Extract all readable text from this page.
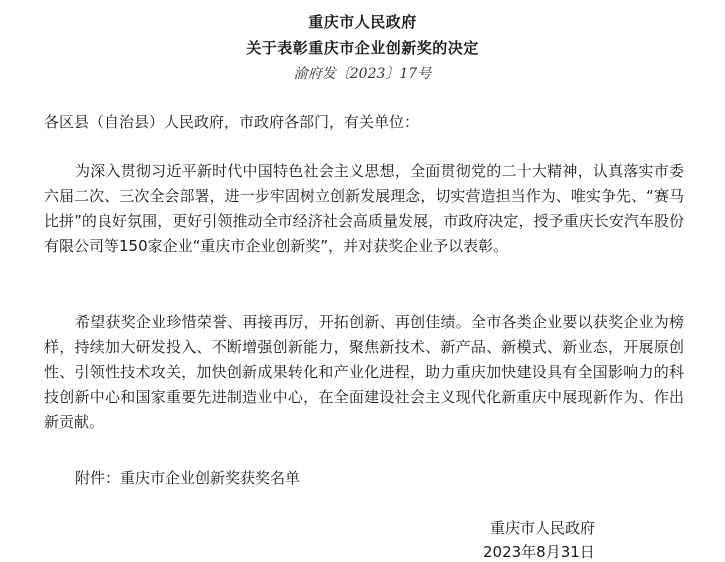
重庆市人民政府
关于表彰重庆市企业创新奖的决定
渝府发〔2023〕17号
各区县（自治县）人民政府，市政府各部门，有关单位：

为深入贯彻习近平新时代中国特色社会主义思想，全面贯彻党的二十大精神，认真落实市委六届二次、三次全会部署，进一步牢固树立创新发展理念，切实营造担当作为、唯实争先、“赛马比拼”的良好氛围，更好引领推动全市经济社会高质量发展，市政府决定，授予重庆长安汽车股份有限公司等150家企业“重庆市企业创新奖”，并对获奖企业予以表彰。

希望获奖企业珍惜荣誉、再接再厉，开拓创新、再创佳绩。全市各类企业要以获奖企业为榜样，持续加大研发投入、不断增强创新能力，聚焦新技术、新产品、新模式、新业态，开展原创性、引领性技术攻关，加快创新成果转化和产业化进程，助力重庆加快建设具有全国影响力的科技创新中心和国家重要先进制造业中心，在全面建设社会主义现代化新重庆中展现新作为、作出新贡献。

附件：重庆市企业创新奖获奖名单
重庆市人民政府
2023年8月31日
